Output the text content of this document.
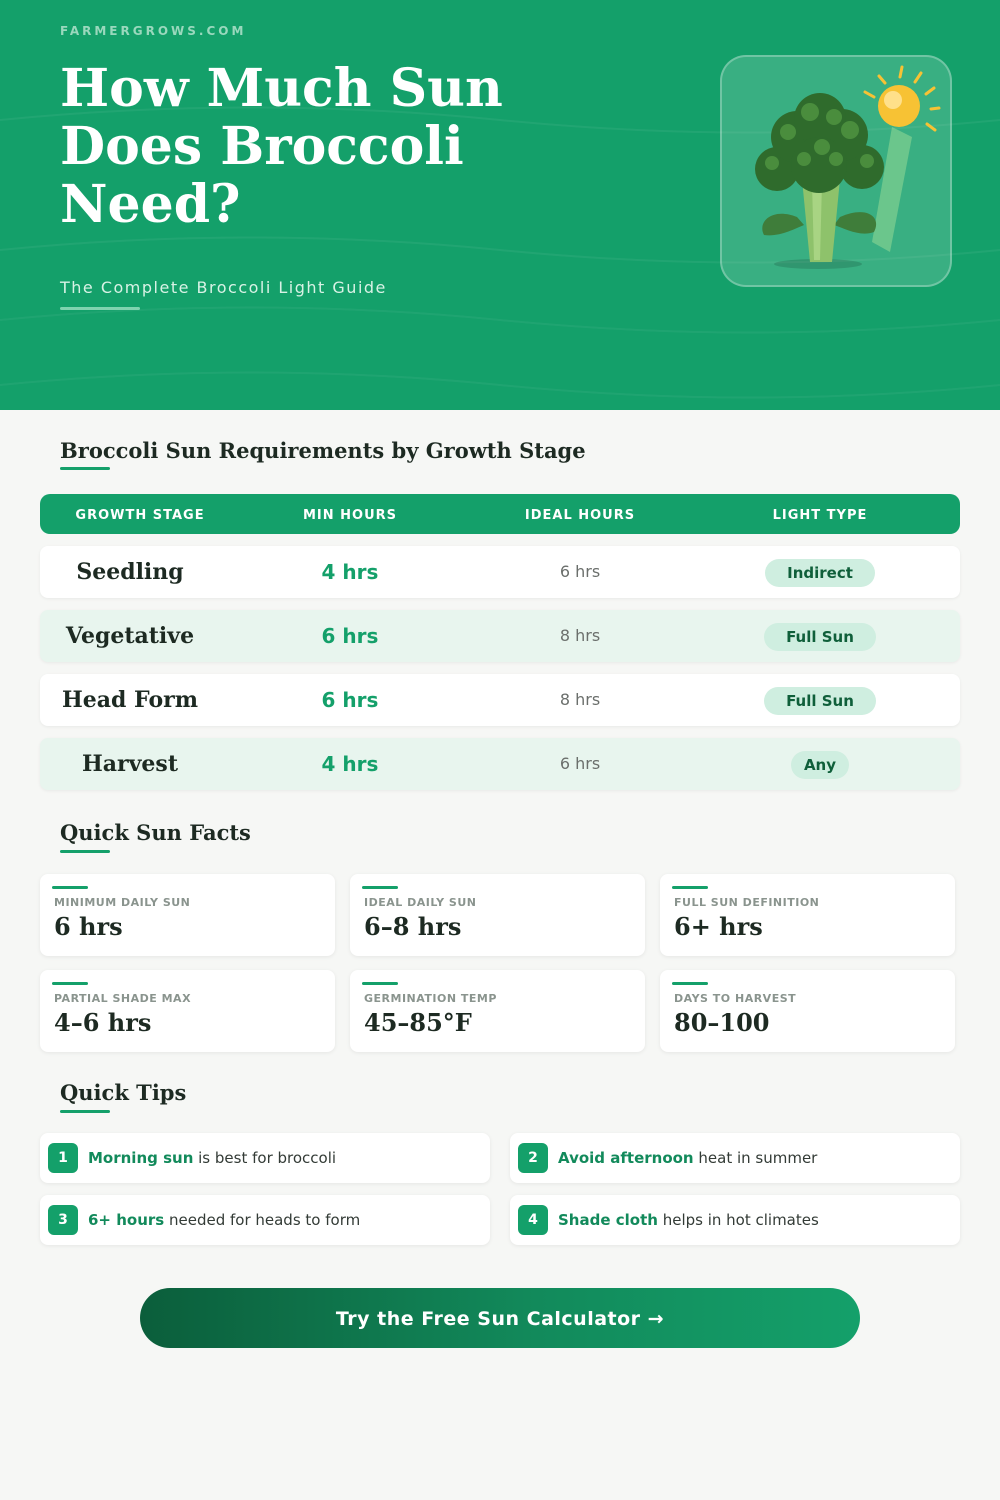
FARMERGROWS.COM
How Much Sun Does Broccoli Need?
The Complete Broccoli Light Guide
Broccoli Sun Requirements by Growth Stage
GROWTH STAGE	MIN HOURS	IDEAL HOURS	LIGHT TYPE
Seedling	4 hrs	6 hrs	Indirect
Vegetative	6 hrs	8 hrs	Full Sun
Head Form	6 hrs	8 hrs	Full Sun
Harvest	4 hrs	6 hrs	Any
Quick Sun Facts
MINIMUM DAILY SUN
6 hrs
IDEAL DAILY SUN
6–8 hrs
FULL SUN DEFINITION
6+ hrs
PARTIAL SHADE MAX
4–6 hrs
GERMINATION TEMP
45–85°F
DAYS TO HARVEST
80–100
Quick Tips
1	Morning sun is best for broccoli	2	Avoid afternoon heat in summer
3	6+ hours needed for heads to form	4	Shade cloth helps in hot climates
Try the Free Sun Calculator →
